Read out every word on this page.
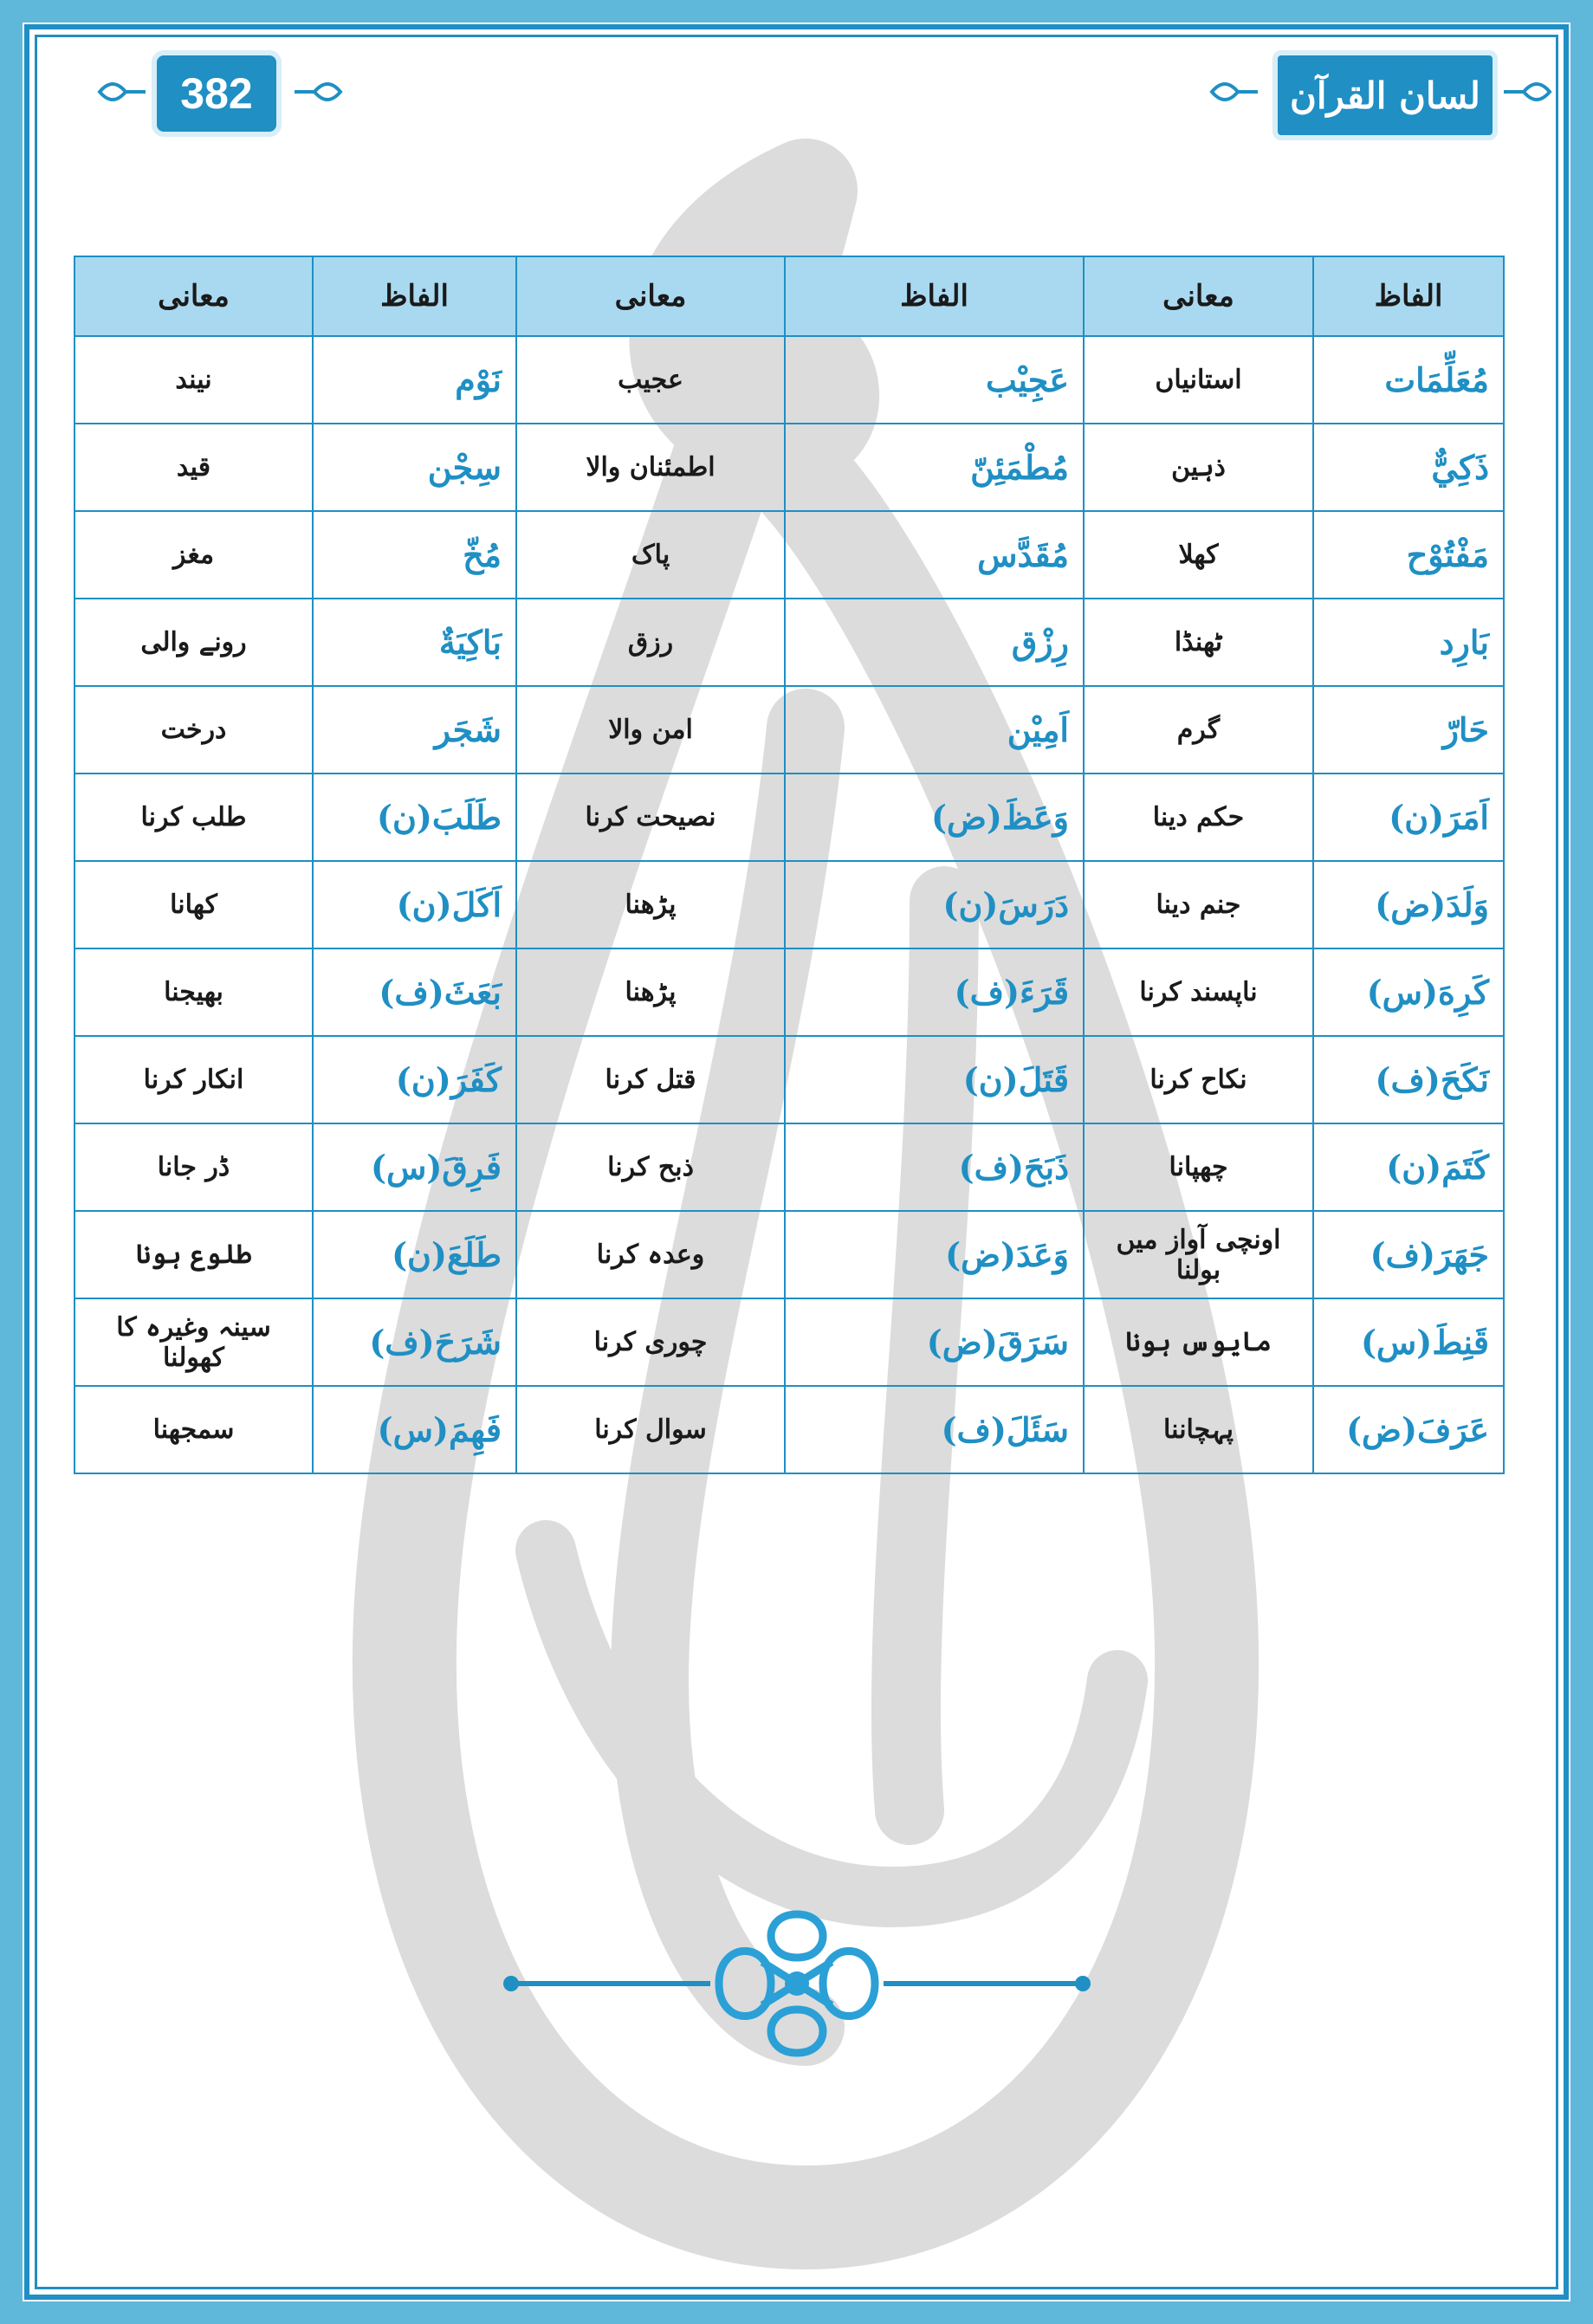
لسان القرآن
382
الفاظ	معانی	الفاظ	معانی	الفاظ	معانی
مُعَلِّمَات	استانیاں	عَجِيْب	عجیب	نَوْم	نیند
ذَكِيٌّ	ذہین	مُطْمَئِنّ	اطمئنان والا	سِجْن	قید
مَفْتُوْح	کھلا	مُقَدَّس	پاک	مُخّ	مغز
بَارِد	ٹھنڈا	رِزْق	رزق	بَاكِيَةٌ	رونے والی
حَارّ	گرم	اَمِيْن	امن والا	شَجَر	درخت
اَمَرَ(ن)	حکم دینا	وَعَظَ(ض)	نصیحت کرنا	طَلَبَ(ن)	طلب کرنا
وَلَدَ(ض)	جنم دینا	دَرَسَ(ن)	پڑھنا	اَكَلَ(ن)	کھانا
كَرِهَ(س)	ناپسند کرنا	قَرَءَ(ف)	پڑھنا	بَعَثَ(ف)	بھیجنا
نَكَحَ(ف)	نکاح کرنا	قَتَلَ(ن)	قتل کرنا	كَفَرَ(ن)	انکار کرنا
كَتَمَ(ن)	چھپانا	ذَبَحَ(ف)	ذبح کرنا	فَرِقَ(س)	ڈر جانا
جَهَرَ(ف)	اونچی آواز میں بولنا	وَعَدَ(ض)	وعدہ کرنا	طَلَعَ(ن)	طلوع ہونا
قَنِطَ(س)	مایوس ہونا	سَرَقَ(ض)	چوری کرنا	شَرَحَ(ف)	سینہ وغیرہ کا کھولنا
عَرَفَ(ض)	پہچاننا	سَئَلَ(ف)	سوال کرنا	فَهِمَ(س)	سمجھنا
